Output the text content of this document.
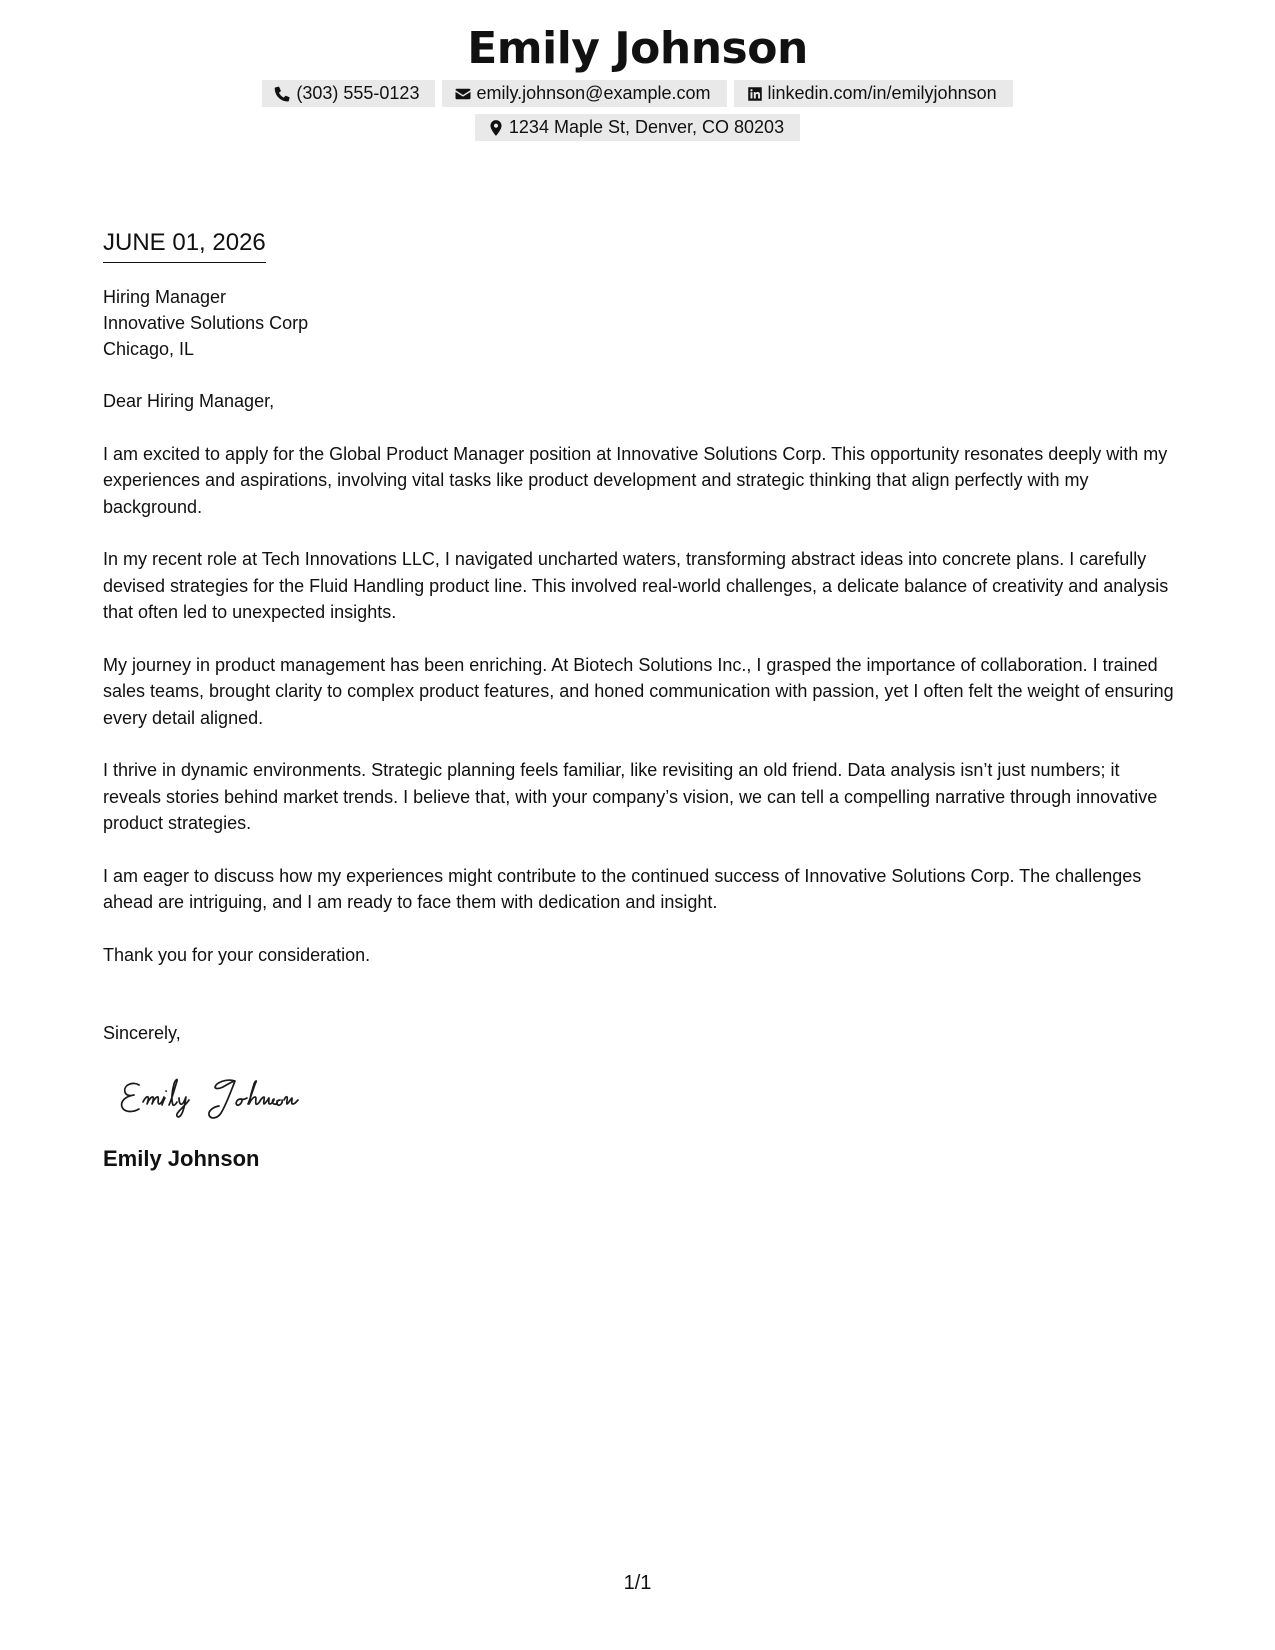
Emily Johnson
(303) 555-0123	emily.johnson@example.com	linkedin.com/in/emilyjohnson
1234 Maple St, Denver, CO 80203
JUNE 01, 2026
Hiring Manager
Innovative Solutions Corp
Chicago, IL

Dear Hiring Manager,

I am excited to apply for the Global Product Manager position at Innovative Solutions Corp. This opportunity resonates deeply with my experiences and aspirations, involving vital tasks like product development and strategic thinking that align perfectly with my background.

In my recent role at Tech Innovations LLC, I navigated uncharted waters, transforming abstract ideas into concrete plans. I carefully devised strategies for the Fluid Handling product line. This involved real-world challenges, a delicate balance of creativity and analysis that often led to unexpected insights.

My journey in product management has been enriching. At Biotech Solutions Inc., I grasped the importance of collaboration. I trained sales teams, brought clarity to complex product features, and honed communication with passion, yet I often felt the weight of ensuring every detail aligned.

I thrive in dynamic environments. Strategic planning feels familiar, like revisiting an old friend. Data analysis isn’t just numbers; it reveals stories behind market trends. I believe that, with your company’s vision, we can tell a compelling narrative through innovative product strategies.

I am eager to discuss how my experiences might contribute to the continued success of Innovative Solutions Corp. The challenges ahead are intriguing, and I am ready to face them with dedication and insight.

Thank you for your consideration.

Sincerely,

Emily Johnson
1/1
